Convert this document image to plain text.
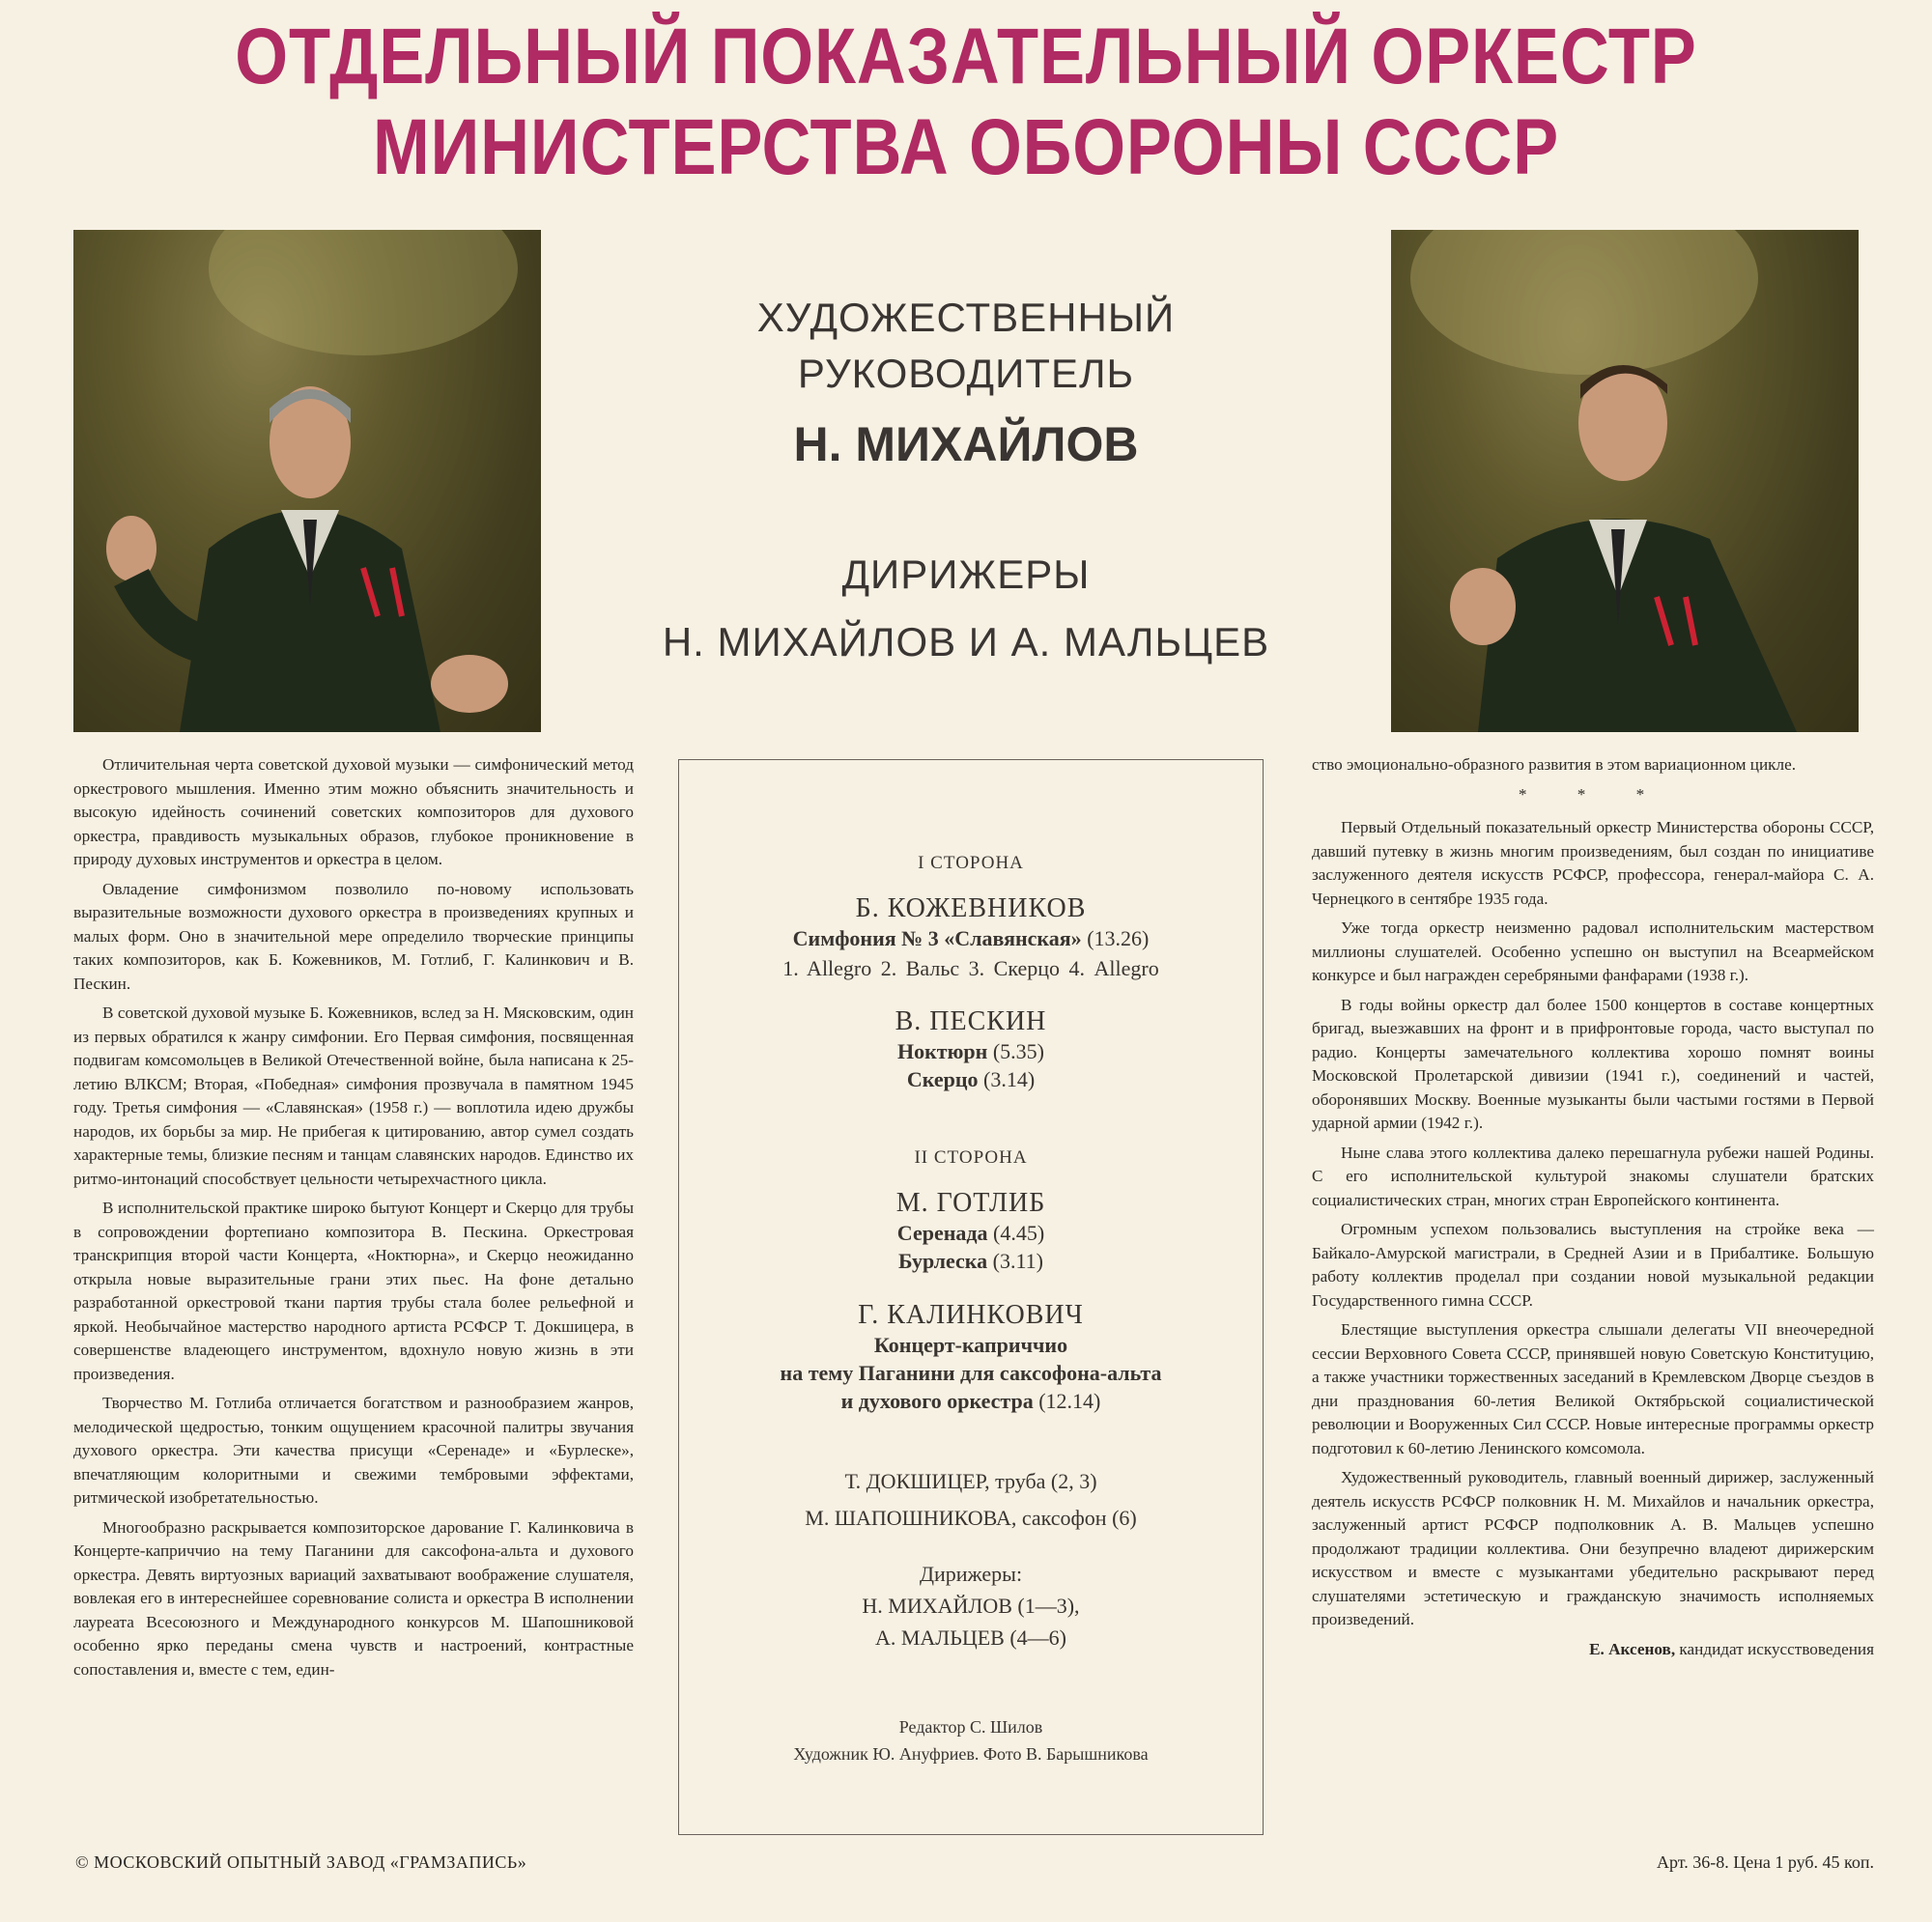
ОТДЕЛЬНЫЙ ПОКАЗАТЕЛЬНЫЙ ОРКЕСТР
МИНИСТЕРСТВА ОБОРОНЫ СССР
ХУДОЖЕСТВЕННЫЙ
РУКОВОДИТЕЛЬ
Н. МИХАЙЛОВ
ДИРИЖЕРЫ
Н. МИХАЙЛОВ И А. МАЛЬЦЕВ

Отличительная черта советской духовой музыки — симфонический метод оркестрового мышления. Именно этим можно объяснить значительность и высокую идейность сочинений советских композиторов для духового оркестра, правдивость музыкальных образов, глубокое проникновение в природу духовых инструментов и оркестра в целом.

Овладение симфонизмом позволило по-новому использовать выразительные возможности духового оркестра в произведениях крупных и малых форм. Оно в значительной мере определило творческие принципы таких композиторов, как Б. Кожевников, М. Готлиб, Г. Калинкович и В. Пескин.

В советской духовой музыке Б. Кожевников, вслед за Н. Мясковским, один из первых обратился к жанру симфонии. Его Первая симфония, посвященная подвигам комсомольцев в Великой Отечественной войне, была написана к 25-летию ВЛКСМ; Вторая, «Победная» симфония прозвучала в памятном 1945 году. Третья симфония — «Славянская» (1958 г.) — воплотила идею дружбы народов, их борьбы за мир. Не прибегая к цитированию, автор сумел создать характерные темы, близкие песням и танцам славянских народов. Единство их ритмо-интонаций способствует цельности четырехчастного цикла.

В исполнительской практике широко бытуют Концерт и Скерцо для трубы в сопровождении фортепиано композитора В. Пескина. Оркестровая транскрипция второй части Концерта, «Ноктюрна», и Скерцо неожиданно открыла новые выразительные грани этих пьес. На фоне детально разработанной оркестровой ткани партия трубы стала более рельефной и яркой. Необычайное мастерство народного артиста РСФСР Т. Докшицера, в совершенстве владеющего инструментом, вдохнуло новую жизнь в эти произведения.

Творчество М. Готлиба отличается богатством и разнообразием жанров, мелодической щедростью, тонким ощущением красочной палитры звучания духового оркестра. Эти качества присущи «Серенаде» и «Бурлеске», впечатляющим колоритными и свежими тембровыми эффектами, ритмической изобретательностью.

Многообразно раскрывается композиторское дарование Г. Калинковича в Концерте-каприччио на тему Паганини для саксофона-альта и духового оркестра. Девять виртуозных вариаций захватывают воображение слушателя, вовлекая его в интереснейшее соревнование солиста и оркестра В исполнении лауреата Всесоюзного и Международного конкурсов М. Шапошниковой особенно ярко переданы смена чувств и настроений, контрастные сопоставления и, вместе с тем, един-

I СТОРОНА
Б. КОЖЕВНИКОВ
Симфония № 3 «Славянская» (13.26)
1. Allegro 2. Вальс 3. Скерцо 4. Allegro
В. ПЕСКИН
Ноктюрн (5.35)
Скерцо (3.14)
II СТОРОНА
М. ГОТЛИБ
Серенада (4.45)
Бурлеска (3.11)
Г. КАЛИНКОВИЧ
Концерт-каприччио
на тему Паганини для саксофона-альта
и духового оркестра (12.14)
Т. ДОКШИЦЕР, труба (2, 3)
М. ШАПОШНИКОВА, саксофон (6)
Дирижеры:
Н. МИХАЙЛОВ (1—3),
А. МАЛЬЦЕВ (4—6)
Редактор С. Шилов
Художник Ю. Ануфриев. Фото В. Барышникова

ство эмоционально-образного развития в этом вариационном цикле.

* * *

Первый Отдельный показательный оркестр Министерства обороны СССР, давший путевку в жизнь многим произведениям, был создан по инициативе заслуженного деятеля искусств РСФСР, профессора, генерал-майора С. А. Чернецкого в сентябре 1935 года.

Уже тогда оркестр неизменно радовал исполнительским мастерством миллионы слушателей. Особенно успешно он выступил на Всеармейском конкурсе и был награжден серебряными фанфарами (1938 г.).

В годы войны оркестр дал более 1500 концертов в составе концертных бригад, выезжавших на фронт и в прифронтовые города, часто выступал по радио. Концерты замечательного коллектива хорошо помнят воины Московской Пролетарской дивизии (1941 г.), соединений и частей, оборонявших Москву. Военные музыканты были частыми гостями в Первой ударной армии (1942 г.).

Ныне слава этого коллектива далеко перешагнула рубежи нашей Родины. С его исполнительской культурой знакомы слушатели братских социалистических стран, многих стран Европейского континента.

Огромным успехом пользовались выступления на стройке века — Байкало-Амурской магистрали, в Средней Азии и в Прибалтике. Большую работу коллектив проделал при создании новой музыкальной редакции Государственного гимна СССР.

Блестящие выступления оркестра слышали делегаты VII внеочередной сессии Верховного Совета СССР, принявшей новую Советскую Конституцию, а также участники торжественных заседаний в Кремлевском Дворце съездов в дни празднования 60-летия Великой Октябрьской социалистической революции и Вооруженных Сил СССР. Новые интересные программы оркестр подготовил к 60-летию Ленинского комсомола.

Художественный руководитель, главный военный дирижер, заслуженный деятель искусств РСФСР полковник Н. М. Михайлов и начальник оркестра, заслуженный артист РСФСР подполковник А. В. Мальцев успешно продолжают традиции коллектива. Они безупречно владеют дирижерским искусством и вместе с музыкантами убедительно раскрывают перед слушателями эстетическую и гражданскую значимость исполняемых произведений.

Е. Аксенов, кандидат искусствоведения
© МОСКОВСКИЙ ОПЫТНЫЙ ЗАВОД «ГРАМЗАПИСЬ»	Арт. 36-8. Цена 1 руб. 45 коп.
